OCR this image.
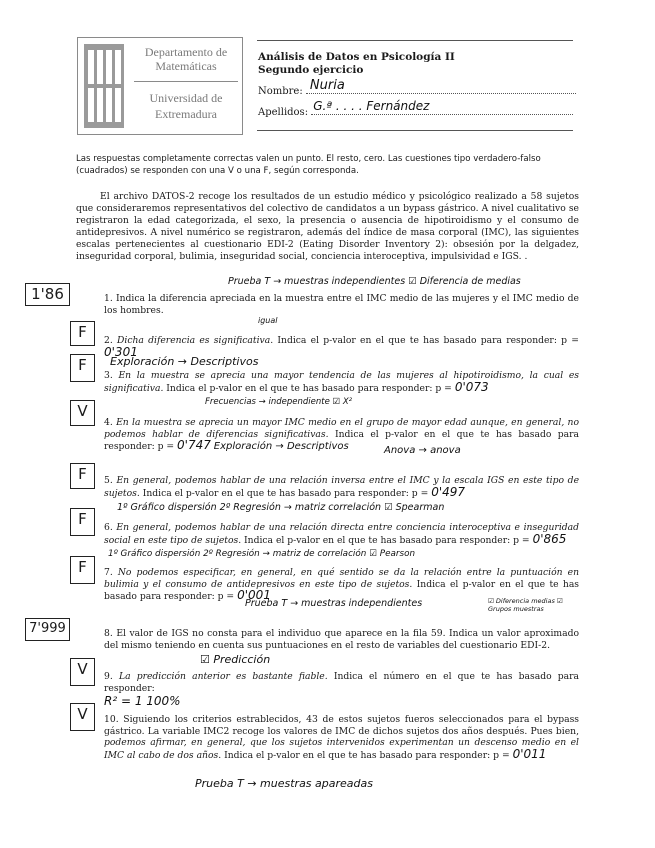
Departamento de Matemáticas
Universidad de Extremadura
Análisis de Datos en Psicología II
Segundo ejercicio
Nombre: Nuria
Apellidos: G.ª . . . . Fernández
Las respuestas completamente correctas valen un punto. El resto, cero. Las cuestiones tipo verdadero-falso (cuadrados) se responden con una V o una F, según corresponda.
El archivo DATOS-2 recoge los resultados de un estudio médico y psicológico realizado a 58 sujetos que consideraremos representativos del colectivo de candidatos a un bypass gástrico. A nivel cualitativo se registraron la edad categorizada, el sexo, la presencia o ausencia de hipotiroidismo y el consumo de antidepresivos. A nivel numérico se registraron, además del índice de masa corporal (IMC), las siguientes escalas pertenecientes al cuestionario EDI-2 (Eating Disorder Inventory 2): obsesión por la delgadez, inseguridad corporal, bulimia, inseguridad social, conciencia interoceptiva, impulsividad e IGS. .
Prueba T → muestras independientes ☑ Diferencia de medias
1'86	1. Indica la diferencia apreciada en la muestra entre el IMC medio de las mujeres y el IMC medio de los hombres.
igual
F	2. Dicha diferencia es significativa. Indica el p-valor en el que te has basado para responder: p = 0'301
Exploración → Descriptivos
F
3. En la muestra se aprecia una mayor tendencia de las mujeres al hipotiroidismo, la cual es significativa. Indica el p-valor en el que te has basado para responder: p = 0'073
Frecuencias → independiente ☑ X²
V
4. En la muestra se aprecia un mayor IMC medio en el grupo de mayor edad aunque, en general, no podemos hablar de diferencias significativas. Indica el p-valor en el que te has basado para responder: p = 0'747 Exploración → Descriptivos	Anova → anova
F	5. En general, podemos hablar de una relación inversa entre el IMC y la escala IGS en este tipo de sujetos. Indica el p-valor en el que te has basado para responder: p = 0'497
1º Gráfico dispersión 2º Regresión → matriz correlación ☑ Spearman
F	6. En general, podemos hablar de una relación directa entre conciencia interoceptiva e inseguridad social en este tipo de sujetos. Indica el p-valor en el que te has basado para responder: p = 0'865
1º Gráfico dispersión 2º Regresión → matriz de correlación ☑ Pearson
F	7. No podemos especificar, en general, en qué sentido se da la relación entre la puntuación en bulimia y el consumo de antidepresivos en este tipo de sujetos. Indica el p-valor en el que te has basado para responder: p = 0'001
Prueba T → muestras independientes	☑ Diferencia medias ☑ Grupos muestras
7'999	8. El valor de IGS no consta para el individuo que aparece en la fila 59. Indica un valor aproximado del mismo teniendo en cuenta sus puntuaciones en el resto de variables del cuestionario EDI-2.
☑ Predicción
V	9. La predicción anterior es bastante fiable. Indica el número en el que te has basado para responder:
R² = 1 100%
V	10. Siguiendo los criterios estrablecidos, 43 de estos sujetos fueros seleccionados para el bypass gástrico. La variable IMC2 recoge los valores de IMC de dichos sujetos dos años después. Pues bien, podemos afirmar, en general, que los sujetos intervenidos experimentan un descenso medio en el IMC al cabo de dos años. Indica el p-valor en el que te has basado para responder: p = 0'011
Prueba T → muestras apareadas
